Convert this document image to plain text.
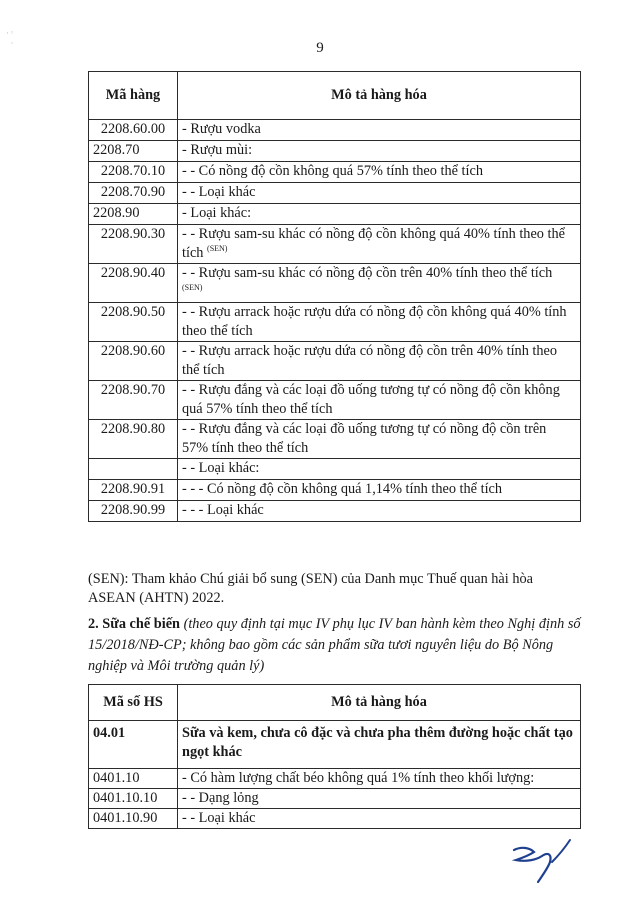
· ᶦ
·	9
Mã hàng	Mô tả hàng hóa
2208.60.00	- Rượu vodka
2208.70	- Rượu mùi:
2208.70.10	- - Có nồng độ cồn không quá 57% tính theo thể tích
2208.70.90	- - Loại khác
2208.90	- Loại khác:
2208.90.30	- - Rượu sam-su khác có nồng độ cồn không quá 40% tính theo thể tích $^{(SEN)}$
2208.90.40	- - Rượu sam-su khác có nồng độ cồn trên 40% tính theo thể tích $^{(SEN)}$
2208.90.50	- - Rượu arrack hoặc rượu dứa có nồng độ cồn không quá 40% tính theo thể tích
2208.90.60	- - Rượu arrack hoặc rượu dứa có nồng độ cồn trên 40% tính theo thể tích
2208.90.70	- - Rượu đắng và các loại đồ uống tương tự có nồng độ cồn không quá 57% tính theo thể tích
2208.90.80	- - Rượu đắng và các loại đồ uống tương tự có nồng độ cồn trên 57% tính theo thể tích
	- - Loại khác:
2208.90.91	- - - Có nồng độ cồn không quá 1,14% tính theo thể tích
2208.90.99	- - - Loại khác
(SEN): Tham khảo Chú giải bổ sung (SEN) của Danh mục Thuế quan hài hòa ASEAN (AHTN) 2022.
2. Sữa chế biến (theo quy định tại mục IV phụ lục IV ban hành kèm theo Nghị định số 15/2018/NĐ-CP; không bao gồm các sản phẩm sữa tươi nguyên liệu do Bộ Nông nghiệp và Môi trường quản lý)
Mã số HS	Mô tả hàng hóa
04.01	Sữa và kem, chưa cô đặc và chưa pha thêm đường hoặc chất tạo ngọt khác
0401.10	- Có hàm lượng chất béo không quá 1% tính theo khối lượng:
0401.10.10	- - Dạng lỏng
0401.10.90	- - Loại khác
